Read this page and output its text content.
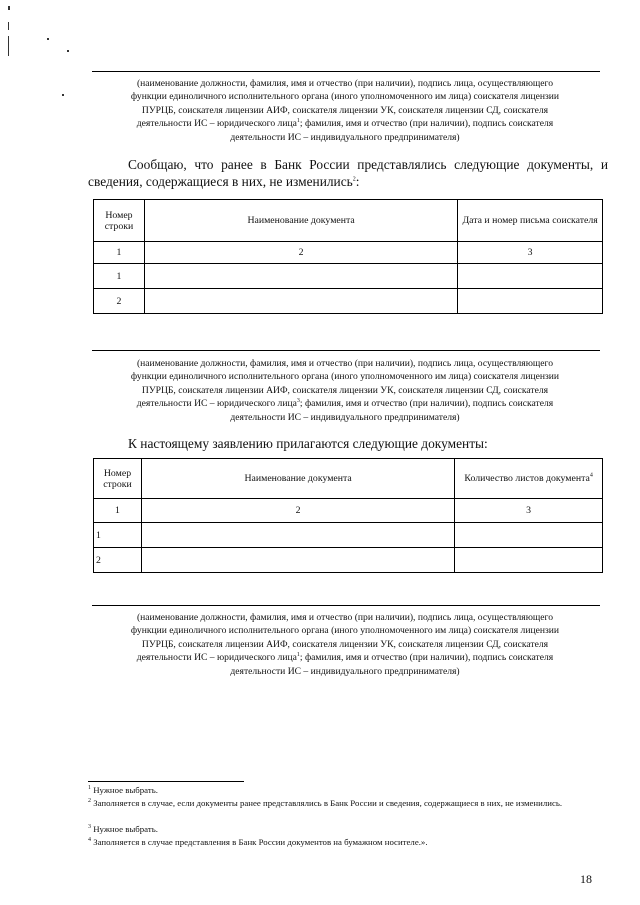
(наименование должности, фамилия, имя и отчество (при наличии), подпись лица, осуществляющего
функции единоличного исполнительного органа (иного уполномоченного им лица) соискателя лицензии
ПУРЦБ, соискателя лицензии АИФ, соискателя лицензии УК, соискателя лицензии СД, соискателя
деятельности ИС – юридического лица$^1$; фамилия, имя и отчество (при наличии), подпись соискателя
деятельности ИС – индивидуального предпринимателя)
Сообщаю, что ранее в Банк России представлялись следующие документы, и
сведения, содержащиеся в них, не изменились$^2$:
Номер строки	Наименование документа	Дата и номер письма соискателя
1	2	3
1		
2		
(наименование должности, фамилия, имя и отчество (при наличии), подпись лица, осуществляющего
функции единоличного исполнительного органа (иного уполномоченного им лица) соискателя лицензии
ПУРЦБ, соискателя лицензии АИФ, соискателя лицензии УК, соискателя лицензии СД, соискателя
деятельности ИС – юридического лица$^3$; фамилия, имя и отчество (при наличии), подпись соискателя
деятельности ИС – индивидуального предпринимателя)
К настоящему заявлению прилагаются следующие документы:
Номер строки	Наименование документа	Количество листов документа$^4$
1	2	3
1		
2		
(наименование должности, фамилия, имя и отчество (при наличии), подпись лица, осуществляющего
функции единоличного исполнительного органа (иного уполномоченного им лица) соискателя лицензии
ПУРЦБ, соискателя лицензии АИФ, соискателя лицензии УК, соискателя лицензии СД, соискателя
деятельности ИС – юридического лица$^1$; фамилия, имя и отчество (при наличии), подпись соискателя
деятельности ИС – индивидуального предпринимателя)
$^1$ Нужное выбрать.
$^2$ Заполняется в случае, если документы ранее представлялись в Банк России и сведения, содержащиеся в них, не изменились.
$^3$ Нужное выбрать.
$^4$ Заполняется в случае представления в Банк России документов на бумажном носителе.».
18
